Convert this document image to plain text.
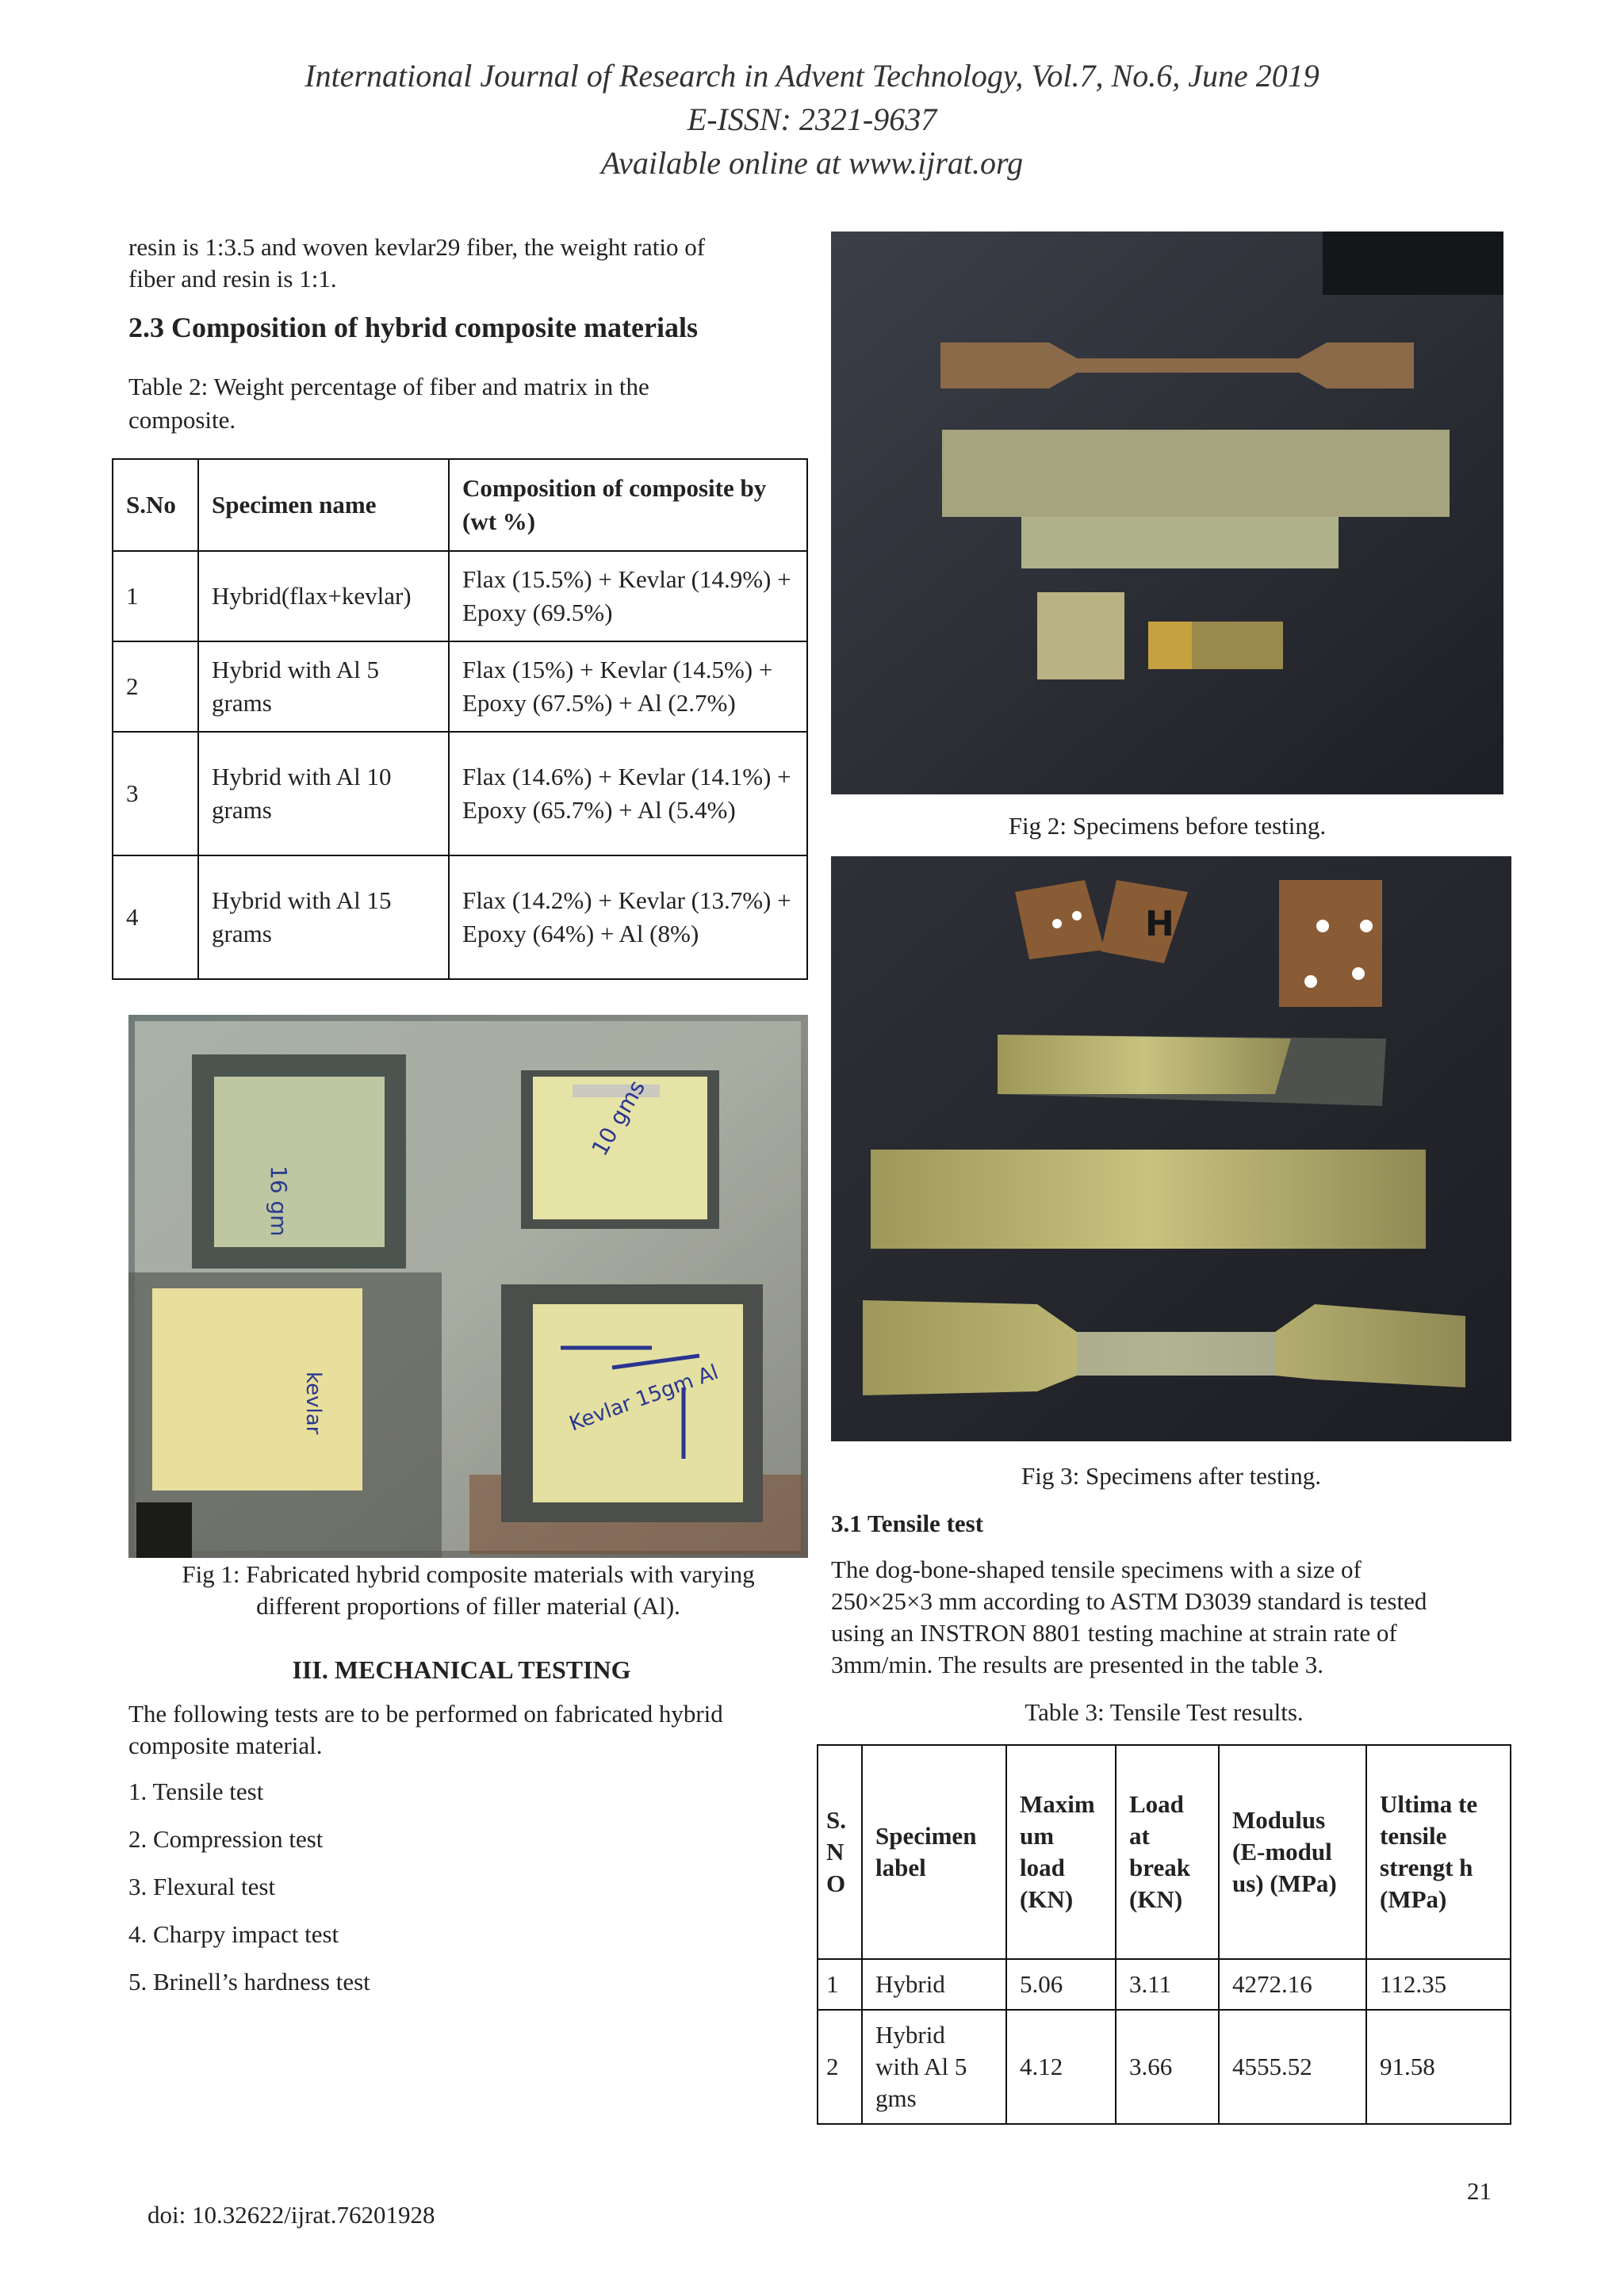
International Journal of Research in Advent Technology, Vol.7, No.6, June 2019
E-ISSN: 2321-9637
Available online at www.ijrat.org
resin is 1:3.5 and woven kevlar29 fiber, the weight ratio of
fiber and resin is 1:1.
2.3 Composition of hybrid composite materials
Table 2: Weight percentage of fiber and matrix in the
composite.
S.No	Specimen name	Composition of composite by (wt %)
1	Hybrid(flax+kevlar)	Flax (15.5%) + Kevlar (14.9%) + Epoxy (69.5%)
2	Hybrid with Al 5 grams	Flax (15%) + Kevlar (14.5%) + Epoxy (67.5%) + Al (2.7%)
3	Hybrid with Al 10 grams	Flax (14.6%) + Kevlar (14.1%) + Epoxy (65.7%) + Al (5.4%)
4	Hybrid with Al 15 grams	Flax (14.2%) + Kevlar (13.7%) + Epoxy (64%) + Al (8%)
16 gm
10 gms
kevlar	Kevlar 15gm Al
Fig 1: Fabricated hybrid composite materials with varying
different proportions of filler material (Al).
III. MECHANICAL TESTING
The following tests are to be performed on fabricated hybrid
composite material.
1. Tensile test
2. Compression test
3. Flexural test
4. Charpy impact test
5. Brinell’s hardness test
Fig 2: Specimens before testing.
H
Fig 3: Specimens after testing.
3.1 Tensile test
The dog-bone-shaped tensile specimens with a size of
250×25×3 mm according to ASTM D3039 standard is tested
using an INSTRON 8801 testing machine at strain rate of
3mm/min. The results are presented in the table 3.
Table 3: Tensile Test results.
S. N O	Specimen label	Maxim um load (KN)	Load at break (KN)	Modulus (E-modul us) (MPa)	Ultima te tensile strengt h (MPa)
1	Hybrid	5.06	3.11	4272.16	112.35
2	Hybrid with Al 5 gms	4.12	3.66	4555.52	91.58
21
doi: 10.32622/ijrat.76201928
